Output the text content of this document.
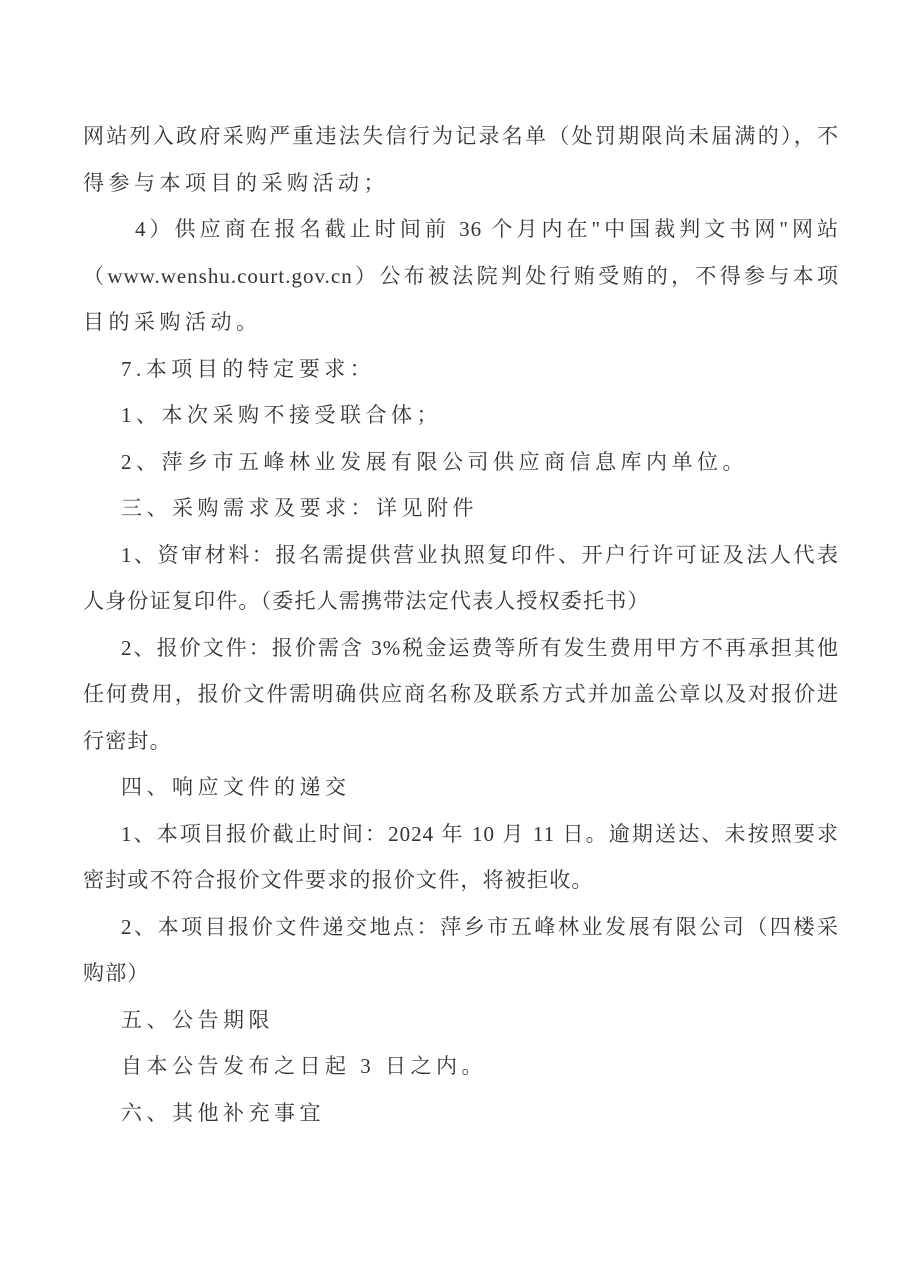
网站列入政府采购严重违法失信行为记录名单（处罚期限尚未届满的），不
得参与本项目的采购活动；
4）供应商在报名截止时间前 36 个月内在"中国裁判文书网"网站
（www.wenshu.court.gov.cn）公布被法院判处行贿受贿的，不得参与本项
目的采购活动。
7.本项目的特定要求：
1、本次采购不接受联合体；
2、萍乡市五峰林业发展有限公司供应商信息库内单位。
三、采购需求及要求：详见附件
1、资审材料：报名需提供营业执照复印件、开户行许可证及法人代表
人身份证复印件。（委托人需携带法定代表人授权委托书）
2、报价文件：报价需含 3%税金运费等所有发生费用甲方不再承担其他
任何费用，报价文件需明确供应商名称及联系方式并加盖公章以及对报价进
行密封。
四、响应文件的递交
1、本项目报价截止时间：2024 年 10 月 11 日。逾期送达、未按照要求
密封或不符合报价文件要求的报价文件，将被拒收。
2、本项目报价文件递交地点：萍乡市五峰林业发展有限公司（四楼采
购部）
五、公告期限
自本公告发布之日起 3 日之内。
六、其他补充事宜
